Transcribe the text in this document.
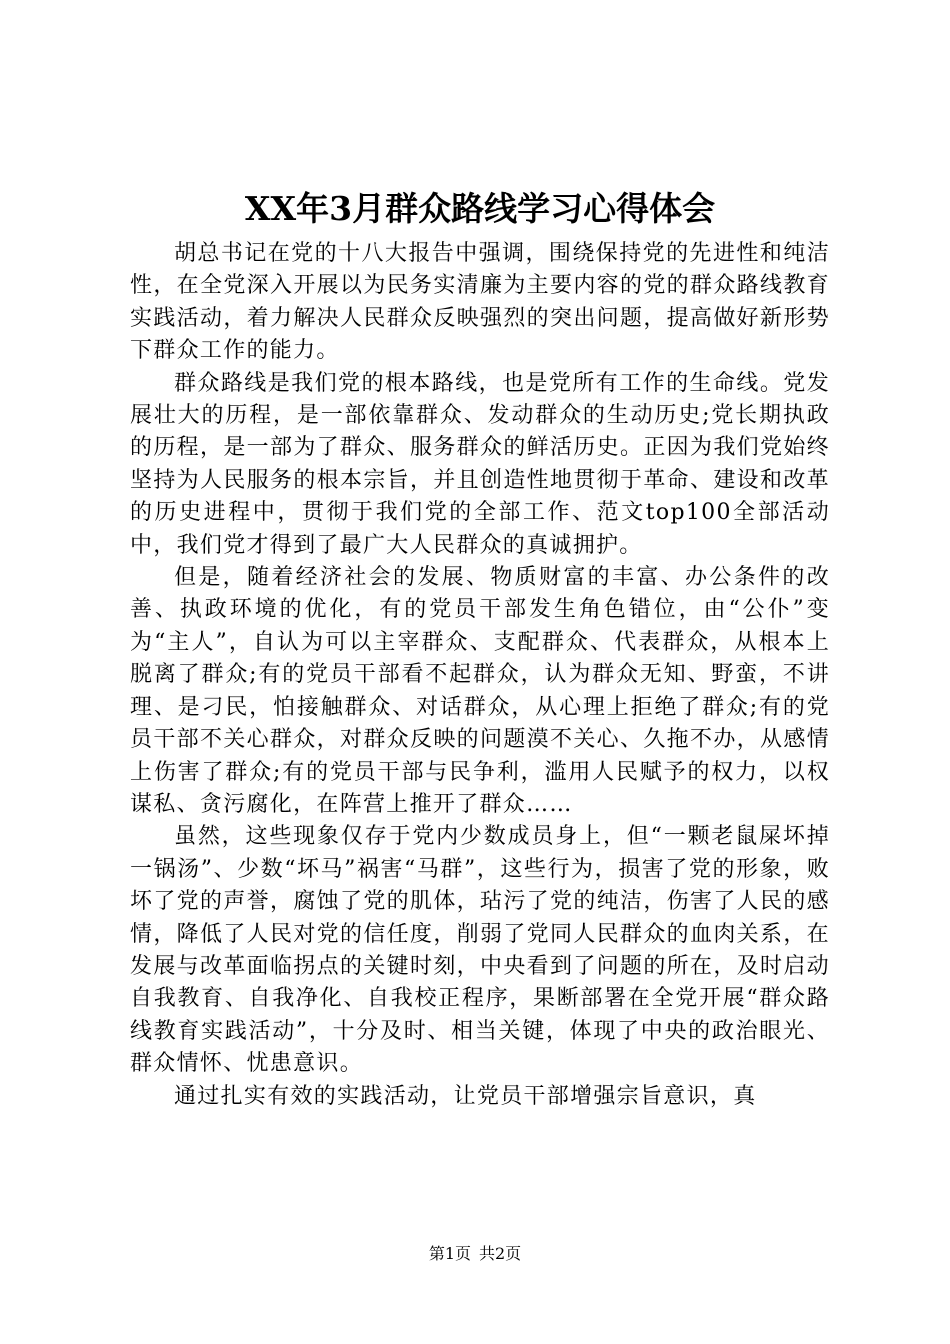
XX年3月群众路线学习心得体会

胡总书记在党的十八大报告中强调，围绕保持党的先进性和纯洁性，在全党深入开展以为民务实清廉为主要内容的党的群众路线教育实践活动，着力解决人民群众反映强烈的突出问题，提高做好新形势下群众工作的能力。

群众路线是我们党的根本路线，也是党所有工作的生命线。党发展壮大的历程，是一部依靠群众、发动群众的生动历史;党长期执政的历程，是一部为了群众、服务群众的鲜活历史。正因为我们党始终坚持为人民服务的根本宗旨，并且创造性地贯彻于革命、建设和改革的历史进程中，贯彻于我们党的全部工作、范文top100全部活动中，我们党才得到了最广大人民群众的真诚拥护。

但是，随着经济社会的发展、物质财富的丰富、办公条件的改善、执政环境的优化，有的党员干部发生角色错位，由“公仆”变为“主人”，自认为可以主宰群众、支配群众、代表群众，从根本上脱离了群众;有的党员干部看不起群众，认为群众无知、野蛮，不讲理、是刁民，怕接触群众、对话群众，从心理上拒绝了群众;有的党员干部不关心群众，对群众反映的问题漠不关心、久拖不办，从感情上伤害了群众;有的党员干部与民争利，滥用人民赋予的权力，以权谋私、贪污腐化，在阵营上推开了群众……

虽然，这些现象仅存于党内少数成员身上，但“一颗老鼠屎坏掉一锅汤”、少数“坏马”祸害“马群”，这些行为，损害了党的形象，败坏了党的声誉，腐蚀了党的肌体，玷污了党的纯洁，伤害了人民的感情，降低了人民对党的信任度，削弱了党同人民群众的血肉关系，在发展与改革面临拐点的关键时刻，中央看到了问题的所在，及时启动自我教育、自我净化、自我校正程序，果断部署在全党开展“群众路线教育实践活动”，十分及时、相当关键，体现了中央的政治眼光、群众情怀、忧患意识。

通过扎实有效的实践活动，让党员干部增强宗旨意识，真

第1页 共2页
